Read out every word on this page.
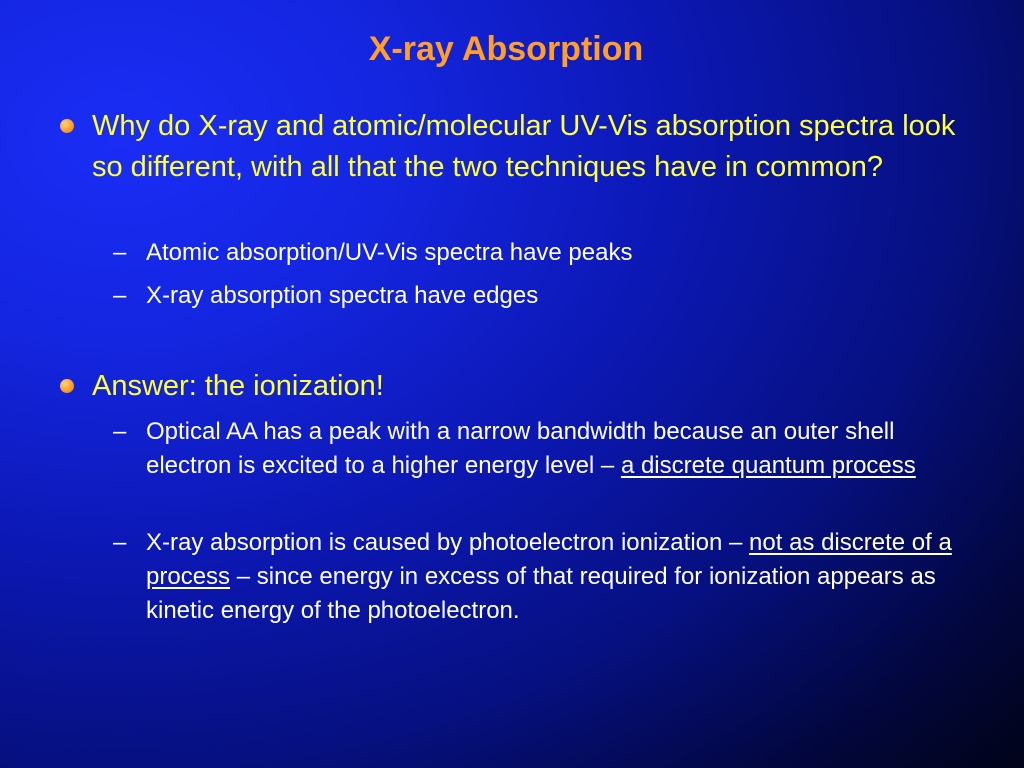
X-ray Absorption
Why do X-ray and atomic/molecular UV-Vis absorption spectra look so different, with all that the two techniques have in common?
– Atomic absorption/UV-Vis spectra have peaks
– X-ray absorption spectra have edges
Answer: the ionization!
– Optical AA has a peak with a narrow bandwidth because an outer shell electron is excited to a higher energy level – a discrete quantum process
– X-ray absorption is caused by photoelectron ionization – not as discrete of a process – since energy in excess of that required for ionization appears as kinetic energy of the photoelectron.
